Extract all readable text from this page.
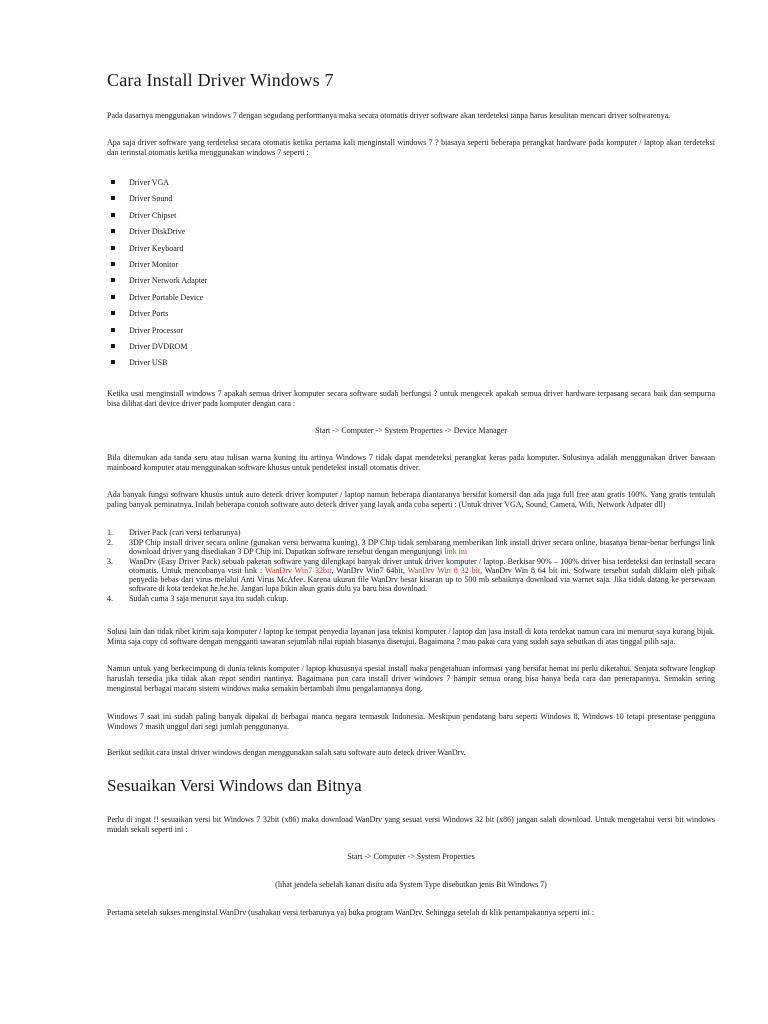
Cara Install Driver Windows 7

Pada dasarnya menggunakan windows 7 dengan segudang performanya maka secara otomatis driver software akan terdeteksi tanpa harus kesulitan mencari driver softwarenya.

Apa saja driver software yang terdeteksi secara otomatis ketika pertama kali menginstall windows 7 ? biasaya seperti beberapa perangkat hardware pada komputer / laptop akan terdeteksi dan terinstal otomatis ketika menggunakan windows 7 seperti :

Driver VGA
Driver Sound
Driver Chipset
Driver DiskDrive
Driver Keyboard
Driver Monitor
Driver Network Adapter
Driver Portable Device
Driver Ports
Driver Processor
Driver DVDROM
Driver USB

Ketika usai menginstall windows 7 apakah semua driver komputer secara software sudah berfungsi ? untuk mengecek apakah semua driver hardware terpasang secara baik dan sempurna bisa dilihat dari device driver pada komputer dengan cara :

Start -> Computer -> System Properties -> Device Manager

Bila ditemukan ada tanda seru atau tulisan warna kuning itu artinya Windows 7 tidak dapat mendeteksi perangkat keras pada komputer. Solusinya adalah menggunakan driver bawaan mainboard komputer atau menggunakan software khusus untuk pendeteksi install otomatis driver.

Ada banyak fungsi software khusus untuk auto deteck driver komputer / laptop namun beberapa diantaranya bersifat komersil dan ada juga full free atau gratis 100%. Yang gratis tentulah paling banyak peminatnya. Inilah beberapa contoh software auto deteck driver yang layak anda coba seperti : (Untuk driver VGA, Sound, Camera, Wifi, Network Adpater dll)

1. Driver Pack (cari versi terbarunya)
2. 3DP Chip install driver secara online (gunakan versi berwarna kuning). 3 DP Chip tidak sembarang memberikan link install driver secara online, biasanya benar-benar berfungsi link download driver yang disediakan 3 DP Chip ini. Dapatkan software tersebut dengan mengunjungi link ini
3. WanDrv (Easy Driver Pack) sebuah paketan software yang dilengkapi banyak driver untuk driver komputer / laptop. Berkisar 90% – 100% driver bisa terdeteksi dan terinstall secara otomatis. Untuk mencobanya visit link : WanDrv Win7 32bit, WanDrv Win7 64bit, WanDrv Win 8 32 bit, WanDrv Win 8 64 bit ini. Sofware tersebut sudah diklaim oleh pihak penyedia bebas dari virus melalui Anti Virus McAfee. Karena ukuran file WanDrv besar kisaran up to 500 mb sebaiknya download via warnet saja. Jika tidak datang ke persewaan software di kota terdekat he.he.he. Jangan lupa bikin akun gratis dulu ya baru bisa download.
4. Sudah cuma 3 saja menurut saya itu sudah cukup.

Solusi lain dan tidak ribet kirim saja komputer / laptop ke tempat penyedia layanan jasa teknisi komputer / laptop dan jasa install di kota terdekat namun cara ini menurut saya kurang bijak. Minta saja copy cd software dengan mengganti tawaran sejumlah nilai rupiah biasanya disetujui. Bagaimana ? mau pakai cara yang sudah saya sebutkan di atas tinggal pilih saja.

Namun untuk yang berkecimpung di dunia teknis komputer / laptop khususnya spesial install maka pengetahuan informasi yang bersifat hemat ini perlu diketahui. Senjata software lengkap haruslah tersedia jika tidak akan repot sendiri nantinya. Bagaimana pun cara install driver windows 7 hampir semua orang bisa hanya beda cara dan penerapannya. Semakin sering menginstal berbagai macam sistem windows maka semakin bertambah ilmu pengalamannya dong.

Windows 7 saat ini sudah paling banyak dipakai di berbagai manca negara termasuk Indonesia. Meskipun pendatang baru seperti Windows 8, Windows 10 tetapi presentase pengguna Windows 7 masih unggul dari segi jumlah penggunanya.

Berikut sedikit cara instal driver windows dengan menggunakan salah satu software auto deteck driver WanDrv.

Sesuaikan Versi Windows dan Bitnya

Perlu di ingat !! sesuaikan versi bit Windows 7 32bit (x86) maka download WanDrv yang sesuai versi Windows 32 bit (x86) jangan salah download. Untuk mengetahui versi bit windows mudah sekali seperti ini :

Start -> Computer -> System Properties

(lihat jendela sebelah kanan disitu ada System Type disebutkan jenis Bit Windows 7)

Pertama setelah sukses menginstal WanDrv (usahakan versi terbarunya ya) buka program WanDrv. Sehingga setelah di klik penampakannya seperti ini :
